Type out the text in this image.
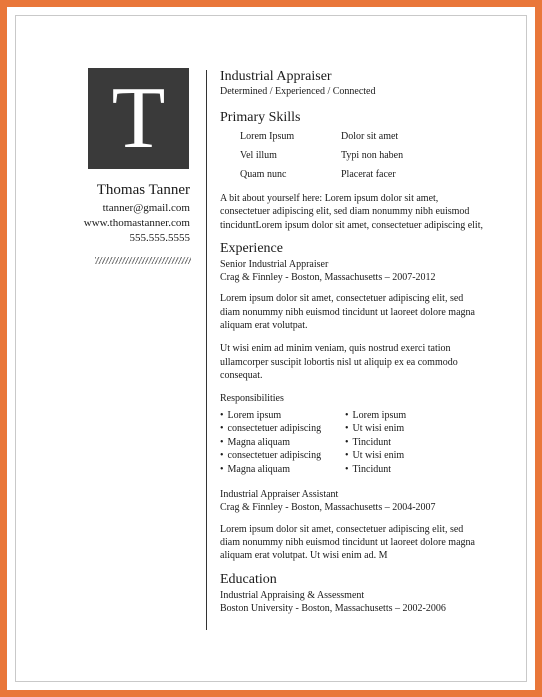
T
Thomas Tanner
ttanner@gmail.com
www.thomastanner.com
555.555.5555
Industrial Appraiser
Determined / Experienced / Connected
Primary Skills
Lorem Ipsum	Dolor sit amet
Vel illum	Typi non haben
Quam nunc	Placerat facer

A bit about yourself here: Lorem ipsum dolor sit amet, consectetuer adipiscing elit, sed diam nonummy nibh euismod tinciduntLorem ipsum dolor sit amet, consectetuer adipiscing elit,

Experience
Senior Industrial Appraiser
Crag & Finnley - Boston, Massachusetts – 2007-2012

Lorem ipsum dolor sit amet, consectetuer adipiscing elit, sed diam nonummy nibh euismod tincidunt ut laoreet dolore magna aliquam erat volutpat.

Ut wisi enim ad minim veniam, quis nostrud exerci tation ullamcorper suscipit lobortis nisl ut aliquip ex ea commodo consequat.

Responsibilities
• Lorem ipsum	• Lorem ipsum
• consectetuer adipiscing	• Ut wisi enim
• Magna aliquam	• Tincidunt
• consectetuer adipiscing	• Ut wisi enim
• Magna aliquam	• Tincidunt
Industrial Appraiser Assistant
Crag & Finnley - Boston, Massachusetts – 2004-2007

Lorem ipsum dolor sit amet, consectetuer adipiscing elit, sed diam nonummy nibh euismod tincidunt ut laoreet dolore magna aliquam erat volutpat. Ut wisi enim ad. M

Education
Industrial Appraising & Assessment
Boston University - Boston, Massachusetts – 2002-2006
